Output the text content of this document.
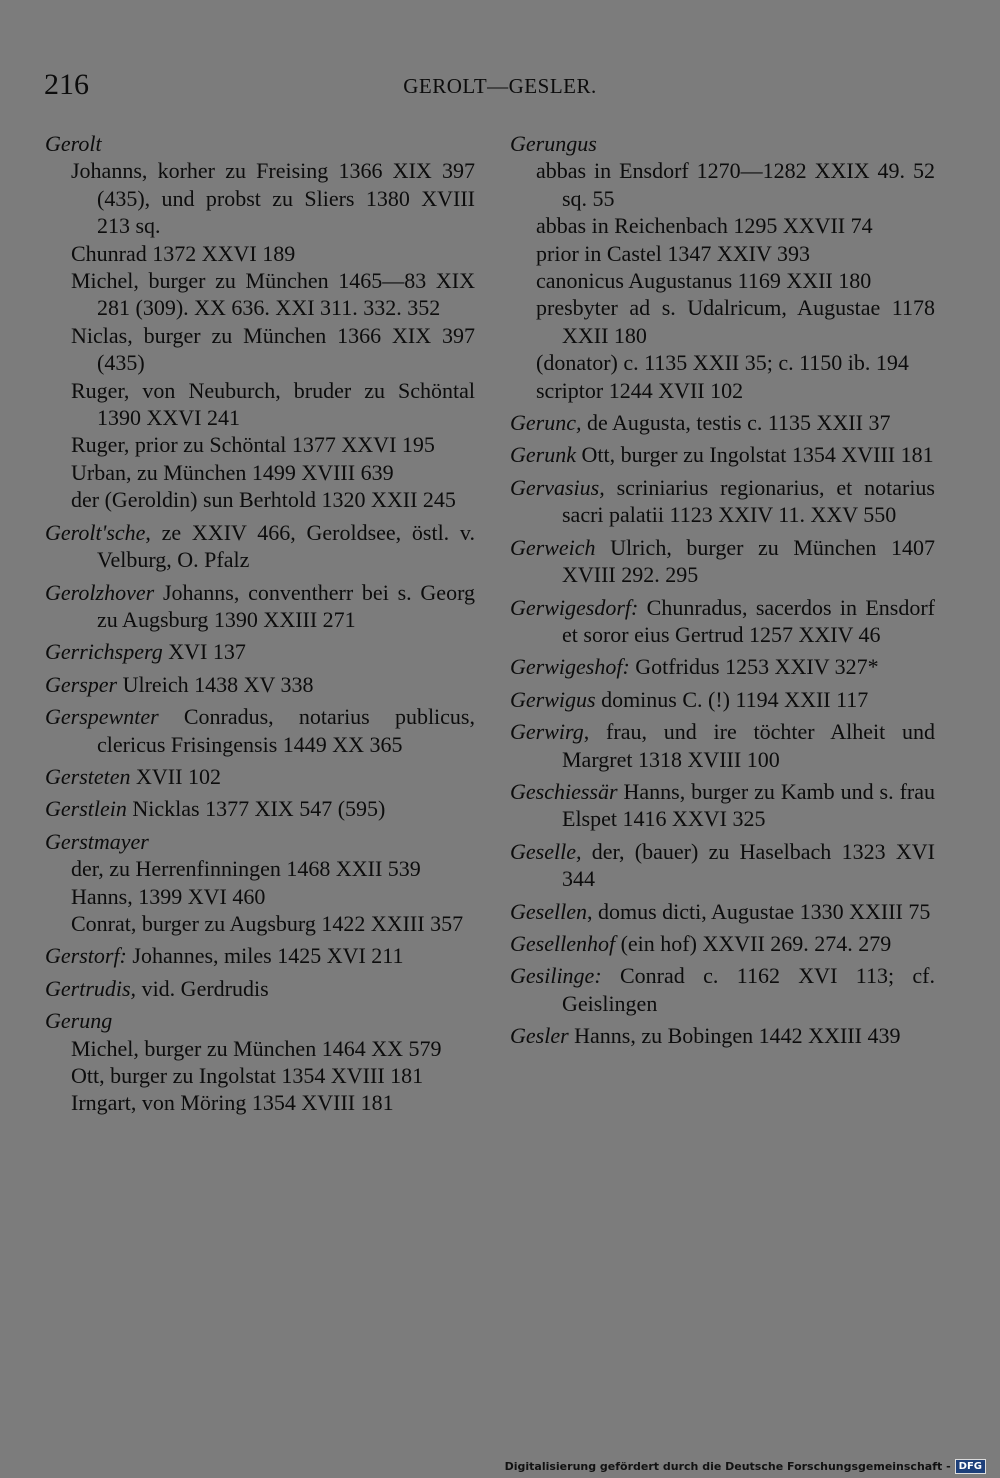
216	GEROLT—GESLER.
Gerolt
Johanns, korher zu Freising 1366 XIX 397 (435), und probst zu Sliers 1380 XVIII 213 sq.
Chunrad 1372 XXVI 189
Michel, burger zu München 1465—83 XIX 281 (309). XX 636. XXI 311. 332. 352
Niclas, burger zu München 1366 XIX 397 (435)
Ruger, von Neuburch, bruder zu Schöntal 1390 XXVI 241
Ruger, prior zu Schöntal 1377 XXVI 195
Urban, zu München 1499 XVIII 639
der (Geroldin) sun Berhtold 1320 XXII 245
Gerolt'sche, ze XXIV 466, Geroldsee, östl. v. Velburg, O. Pfalz
Gerolzhover Johanns, conventherr bei s. Georg zu Augsburg 1390 XXIII 271
Gerrichsperg XVI 137
Gersper Ulreich 1438 XV 338
Gerspewnter Conradus, notarius publicus, clericus Frisingensis 1449 XX 365
Gersteten XVII 102
Gerstlein Nicklas 1377 XIX 547 (595)
Gerstmayer
der, zu Herrenfinningen 1468 XXII 539
Hanns, 1399 XVI 460
Conrat, burger zu Augsburg 1422 XXIII 357
Gerstorf: Johannes, miles 1425 XVI 211
Gertrudis, vid. Gerdrudis
Gerung
Michel, burger zu München 1464 XX 579
Ott, burger zu Ingolstat 1354 XVIII 181
Irngart, von Möring 1354 XVIII 181
Gerungus
abbas in Ensdorf 1270—1282 XXIX 49. 52 sq. 55
abbas in Reichenbach 1295 XXVII 74
prior in Castel 1347 XXIV 393
canonicus Augustanus 1169 XXII 180
presbyter ad s. Udalricum, Augustae 1178 XXII 180
(donator) c. 1135 XXII 35; c. 1150 ib. 194
scriptor 1244 XVII 102
Gerunc, de Augusta, testis c. 1135 XXII 37
Gerunk Ott, burger zu Ingolstat 1354 XVIII 181
Gervasius, scriniarius regionarius, et notarius sacri palatii 1123 XXIV 11. XXV 550
Gerweich Ulrich, burger zu München 1407 XVIII 292. 295
Gerwigesdorf: Chunradus, sacerdos in Ensdorf et soror eius Gertrud 1257 XXIV 46
Gerwigeshof: Gotfridus 1253 XXIV 327*
Gerwigus dominus C. (!) 1194 XXII 117
Gerwirg, frau, und ire töchter Alheit und Margret 1318 XVIII 100
Geschiessär Hanns, burger zu Kamb und s. frau Elspet 1416 XXVI 325
Geselle, der, (bauer) zu Haselbach 1323 XVI 344
Gesellen, domus dicti, Augustae 1330 XXIII 75
Gesellenhof (ein hof) XXVII 269. 274. 279
Gesilinge: Conrad c. 1162 XVI 113; cf. Geislingen
Gesler Hanns, zu Bobingen 1442 XXIII 439
Digitalisierung gefördert durch die Deutsche Forschungsgemeinschaft - DFG
